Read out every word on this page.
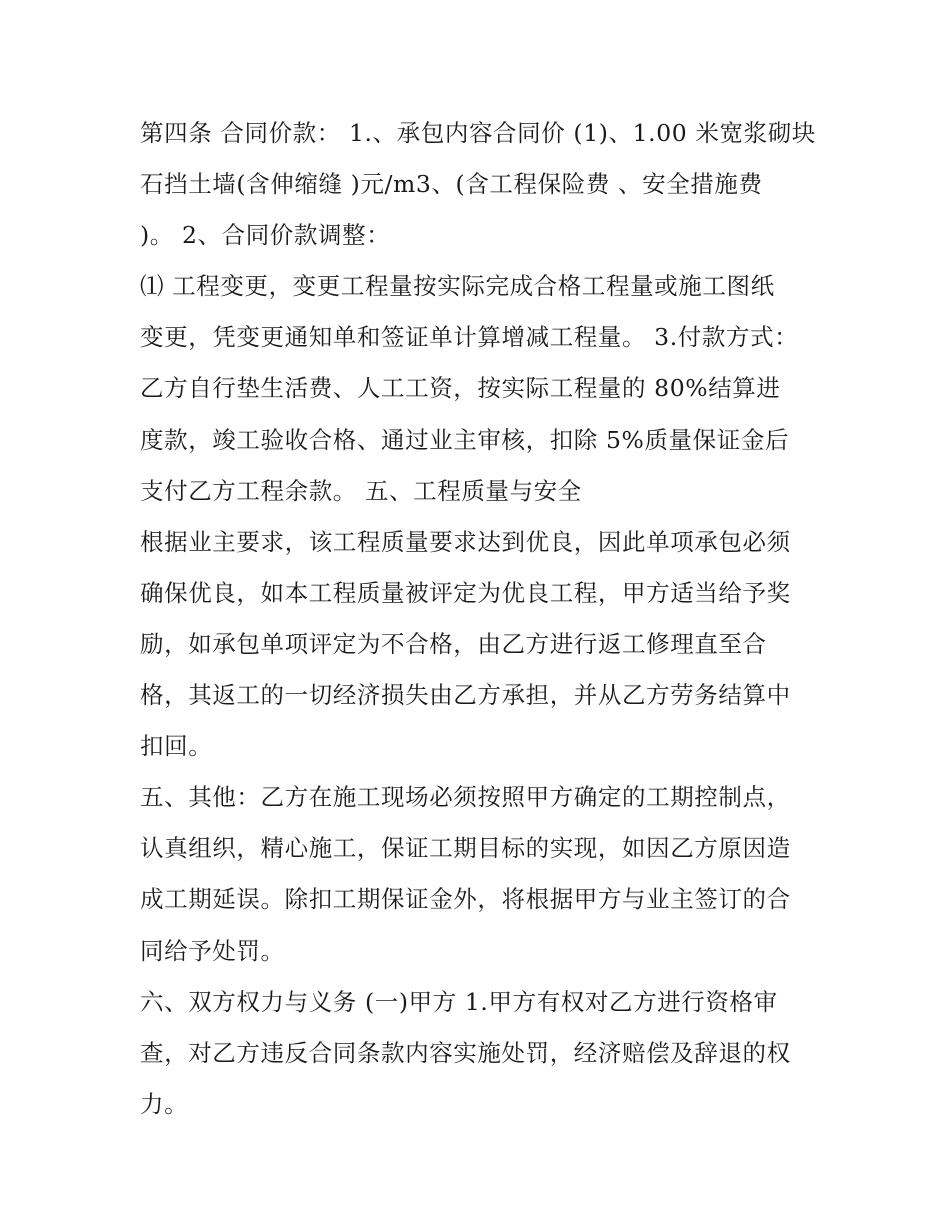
第四条 合同价款： 1.、承包内容合同价 (1)、1.00 米宽浆砌块
石挡土墙(含伸缩缝 )元/m3、(含工程保险费 、安全措施费
)。 2、合同价款调整：
⑴ 工程变更，变更工程量按实际完成合格工程量或施工图纸
变更，凭变更通知单和签证单计算增减工程量。 3.付款方式：
乙方自行垫生活费、人工工资，按实际工程量的 80%结算进
度款，竣工验收合格、通过业主审核，扣除 5%质量保证金后
支付乙方工程余款。 五、工程质量与安全
根据业主要求，该工程质量要求达到优良，因此单项承包必须
确保优良，如本工程质量被评定为优良工程，甲方适当给予奖
励，如承包单项评定为不合格，由乙方进行返工修理直至合
格，其返工的一切经济损失由乙方承担，并从乙方劳务结算中
扣回。
五、其他：乙方在施工现场必须按照甲方确定的工期控制点，
认真组织，精心施工，保证工期目标的实现，如因乙方原因造
成工期延误。除扣工期保证金外，将根据甲方与业主签订的合
同给予处罚。
六、双方权力与义务 (一)甲方 1.甲方有权对乙方进行资格审
查，对乙方违反合同条款内容实施处罚，经济赔偿及辞退的权
力。
